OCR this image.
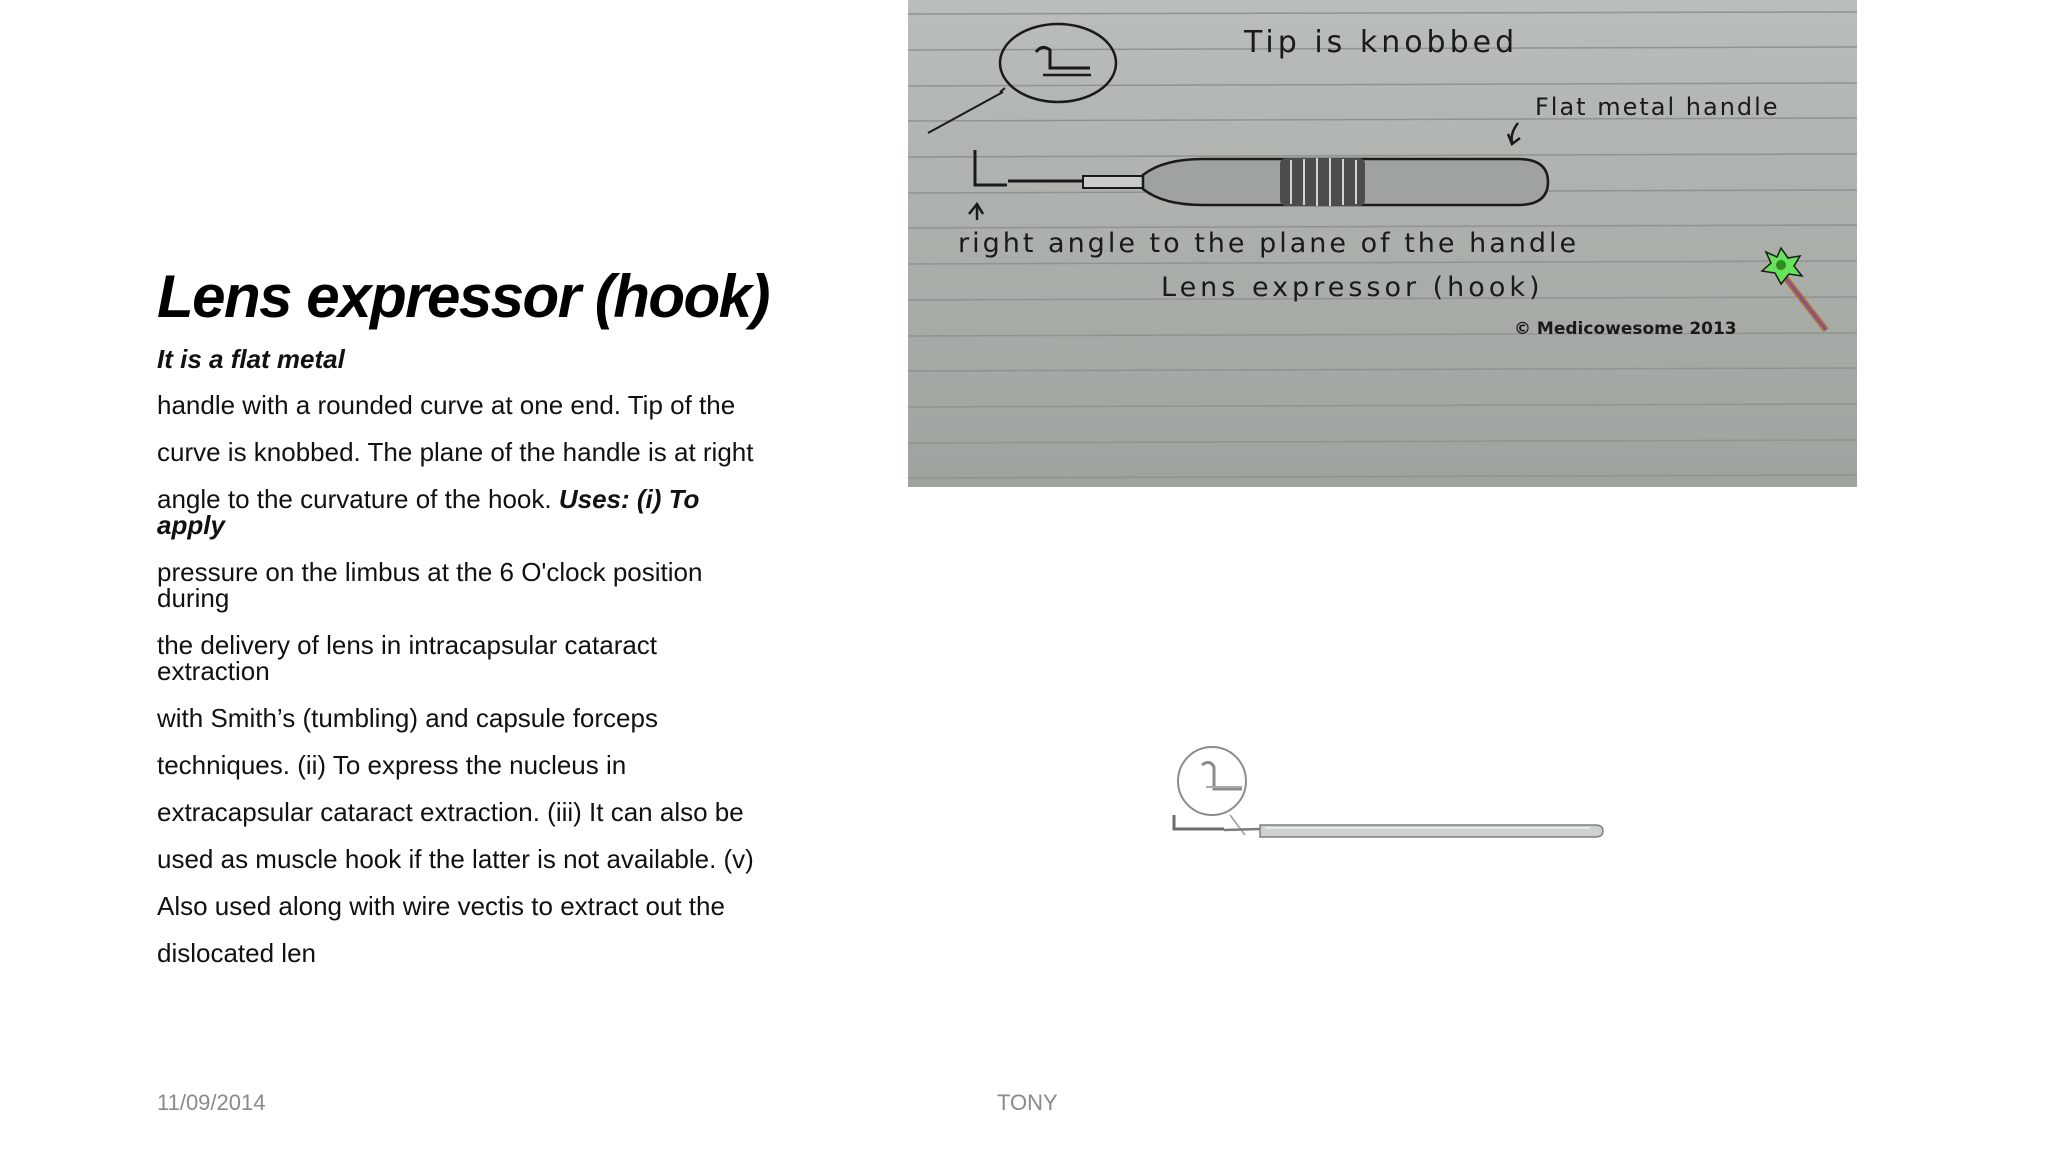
Lens expressor (hook)
It is a flat metal
handle with a rounded curve at one end. Tip of the
curve is knobbed. The plane of the handle is at right
angle to the curvature of the hook. Uses: (i) To
apply
pressure on the limbus at the 6 O'clock position
during
the delivery of lens in intracapsular cataract
extraction
with Smith’s (tumbling) and capsule forceps
techniques. (ii) To express the nucleus in
extracapsular cataract extraction. (iii) It can also be
used as muscle hook if the latter is not available. (v)
Also used along with wire vectis to extract out the
dislocated len
Tip is knobbed
Flat metal handle
right angle to the plane of the handle
Lens expressor (hook)
© Medicowesome 2013
11/09/2014	TONY
